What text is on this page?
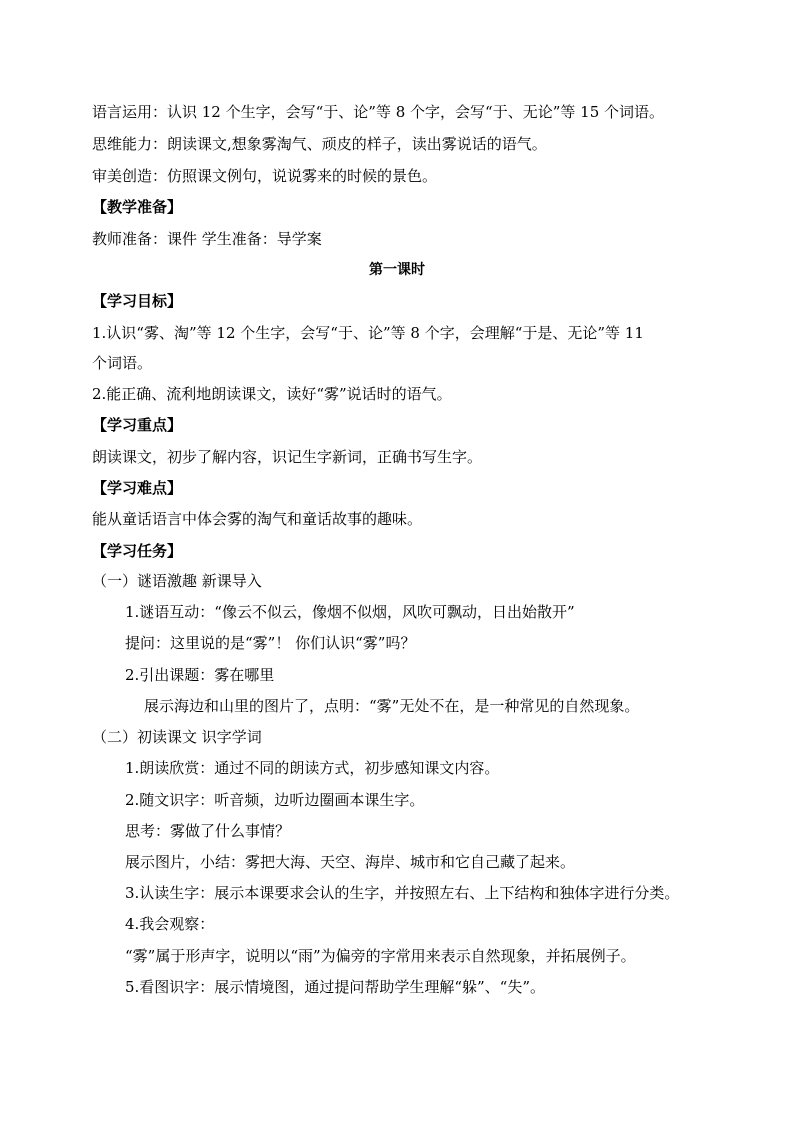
语言运用：认识 12 个生字，会写“于、论”等 8 个字，会写“于、无论”等 15 个词语。
思维能力：朗读课文,想象雾淘气、顽皮的样子，读出雾说话的语气。
审美创造：仿照课文例句，说说雾来的时候的景色。
【教学准备】
教师准备：课件 学生准备：导学案
第一课时
【学习目标】
1.认识“雾、淘”等 12 个生字，会写“于、论”等 8 个字，会理解“于是、无论”等 11
个词语。
2.能正确、流利地朗读课文，读好“雾”说话时的语气。
【学习重点】
朗读课文，初步了解内容，识记生字新词，正确书写生字。
【学习难点】
能从童话语言中体会雾的淘气和童话故事的趣味。
【学习任务】
（一）谜语激趣 新课导入
1.谜语互动：“像云不似云，像烟不似烟，风吹可飘动，日出始散开”
提问：这里说的是“雾”！ 你们认识“雾”吗？
2.引出课题：雾在哪里
展示海边和山里的图片了，点明：“雾”无处不在，是一种常见的自然现象。
（二）初读课文 识字学词
1.朗读欣赏：通过不同的朗读方式，初步感知课文内容。
2.随文识字：听音频，边听边圈画本课生字。
思考：雾做了什么事情？
展示图片，小结：雾把大海、天空、海岸、城市和它自己藏了起来。
3.认读生字：展示本课要求会认的生字，并按照左右、上下结构和独体字进行分类。
4.我会观察：
“雾”属于形声字，说明以“雨”为偏旁的字常用来表示自然现象，并拓展例子。
5.看图识字：展示情境图，通过提问帮助学生理解“躲”、“失”。
